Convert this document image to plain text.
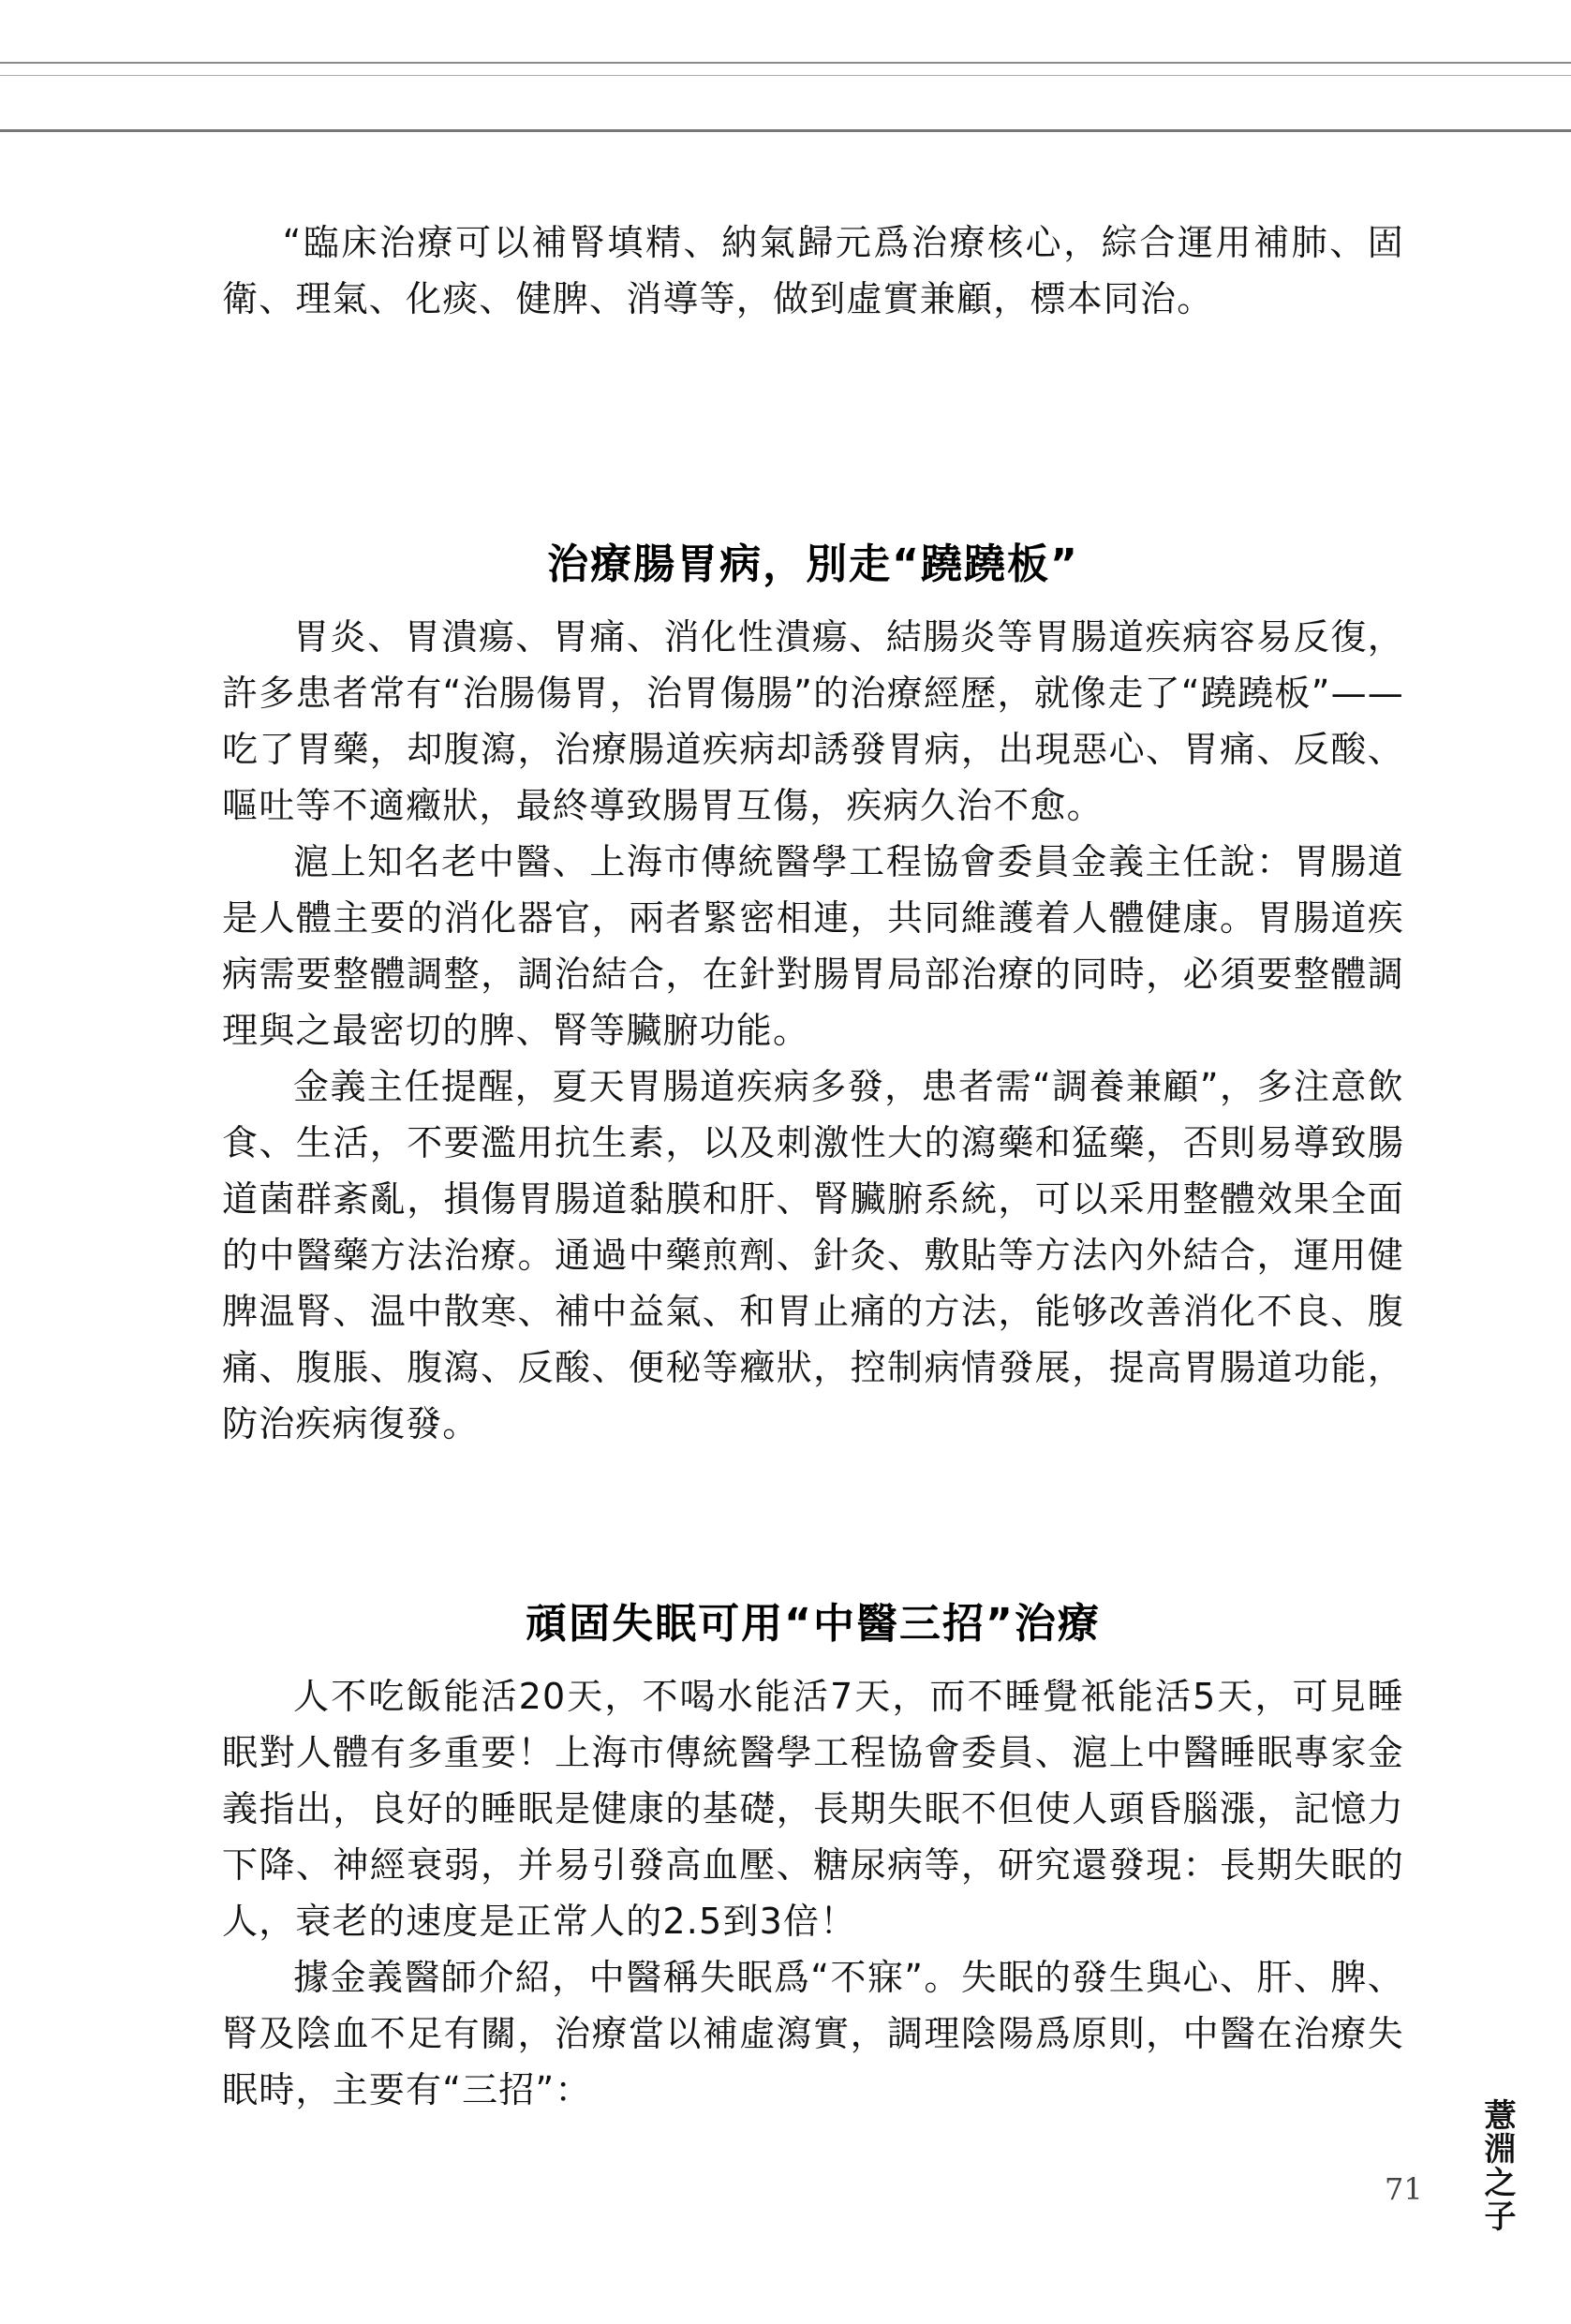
“臨床治療可以補腎填精、納氣歸元爲治療核心，綜合運用補肺、固衛、理氣、化痰、健脾、消導等，做到虛實兼顧，標本同治。

治療腸胃病，別走“蹺蹺板”

胃炎、胃潰瘍、胃痛、消化性潰瘍、結腸炎等胃腸道疾病容易反復，許多患者常有“治腸傷胃，治胃傷腸”的治療經歷，就像走了“蹺蹺板”——吃了胃藥，却腹瀉，治療腸道疾病却誘發胃病，出現惡心、胃痛、反酸、嘔吐等不適癥狀，最終導致腸胃互傷，疾病久治不愈。

滬上知名老中醫、上海市傳統醫學工程協會委員金義主任說：胃腸道是人體主要的消化器官，兩者緊密相連，共同維護着人體健康。胃腸道疾病需要整體調整，調治結合，在針對腸胃局部治療的同時，必須要整體調理與之最密切的脾、腎等臟腑功能。

金義主任提醒，夏天胃腸道疾病多發，患者需“調養兼顧”，多注意飲食、生活，不要濫用抗生素，以及刺激性大的瀉藥和猛藥，否則易導致腸道菌群紊亂，損傷胃腸道黏膜和肝、腎臟腑系統，可以采用整體效果全面的中醫藥方法治療。通過中藥煎劑、針灸、敷貼等方法內外結合，運用健脾温腎、温中散寒、補中益氣、和胃止痛的方法，能够改善消化不良、腹痛、腹脹、腹瀉、反酸、便秘等癥狀，控制病情發展，提高胃腸道功能，防治疾病復發。

頑固失眠可用“中醫三招”治療

人不吃飯能活20天，不喝水能活7天，而不睡覺衹能活5天，可見睡眠對人體有多重要！上海市傳統醫學工程協會委員、滬上中醫睡眠專家金義指出，良好的睡眠是健康的基礎，長期失眠不但使人頭昏腦漲，記憶力下降、神經衰弱，并易引發高血壓、糖尿病等，研究還發現：長期失眠的人，衰老的速度是正常人的2.5到3倍！

據金義醫師介紹，中醫稱失眠爲“不寐”。失眠的發生與心、肝、脾、腎及陰血不足有關，治療當以補虛瀉實，調理陰陽爲原則，中醫在治療失眠時，主要有“三招”：

薏淵之子
71
